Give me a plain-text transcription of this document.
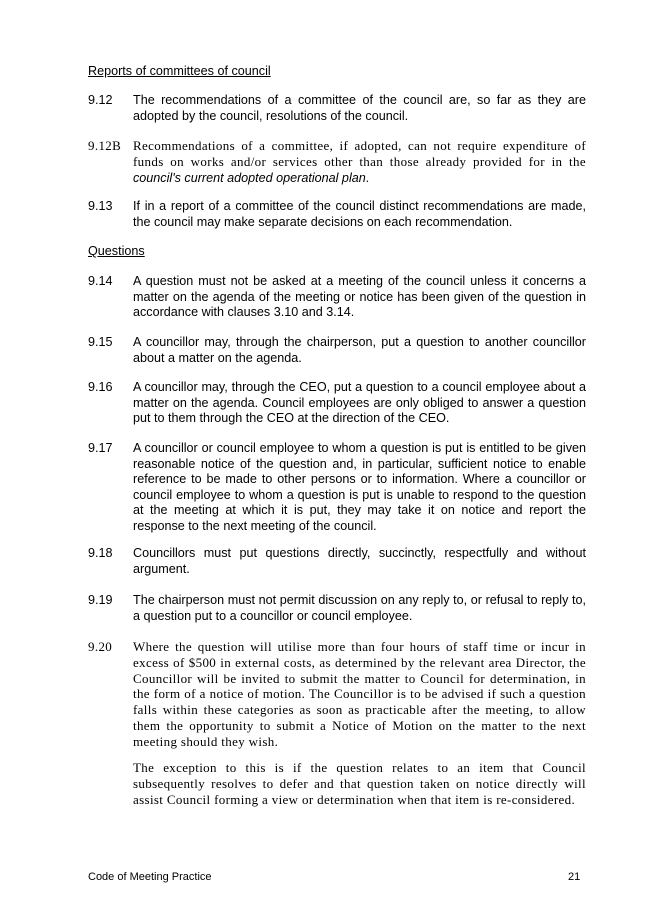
Reports of committees of council
9.12 The recommendations of a committee of the council are, so far as they are adopted by the council, resolutions of the council.
9.12B Recommendations of a committee, if adopted, can not require expenditure of funds on works and/or services other than those already provided for in the council's current adopted operational plan.
9.13 If in a report of a committee of the council distinct recommendations are made, the council may make separate decisions on each recommendation.
Questions
9.14 A question must not be asked at a meeting of the council unless it concerns a matter on the agenda of the meeting or notice has been given of the question in accordance with clauses 3.10 and 3.14.
9.15 A councillor may, through the chairperson, put a question to another councillor about a matter on the agenda.
9.16 A councillor may, through the CEO, put a question to a council employee about a matter on the agenda. Council employees are only obliged to answer a question put to them through the CEO at the direction of the CEO.
9.17 A councillor or council employee to whom a question is put is entitled to be given reasonable notice of the question and, in particular, sufficient notice to enable reference to be made to other persons or to information. Where a councillor or council employee to whom a question is put is unable to respond to the question at the meeting at which it is put, they may take it on notice and report the response to the next meeting of the council.
9.18 Councillors must put questions directly, succinctly, respectfully and without argument.
9.19 The chairperson must not permit discussion on any reply to, or refusal to reply to, a question put to a councillor or council employee.
9.20 Where the question will utilise more than four hours of staff time or incur in excess of $500 in external costs, as determined by the relevant area Director, the Councillor will be invited to submit the matter to Council for determination, in the form of a notice of motion. The Councillor is to be advised if such a question falls within these categories as soon as practicable after the meeting, to allow them the opportunity to submit a Notice of Motion on the matter to the next meeting should they wish.
The exception to this is if the question relates to an item that Council subsequently resolves to defer and that question taken on notice directly will assist Council forming a view or determination when that item is re-considered.
Code of Meeting Practice	21
